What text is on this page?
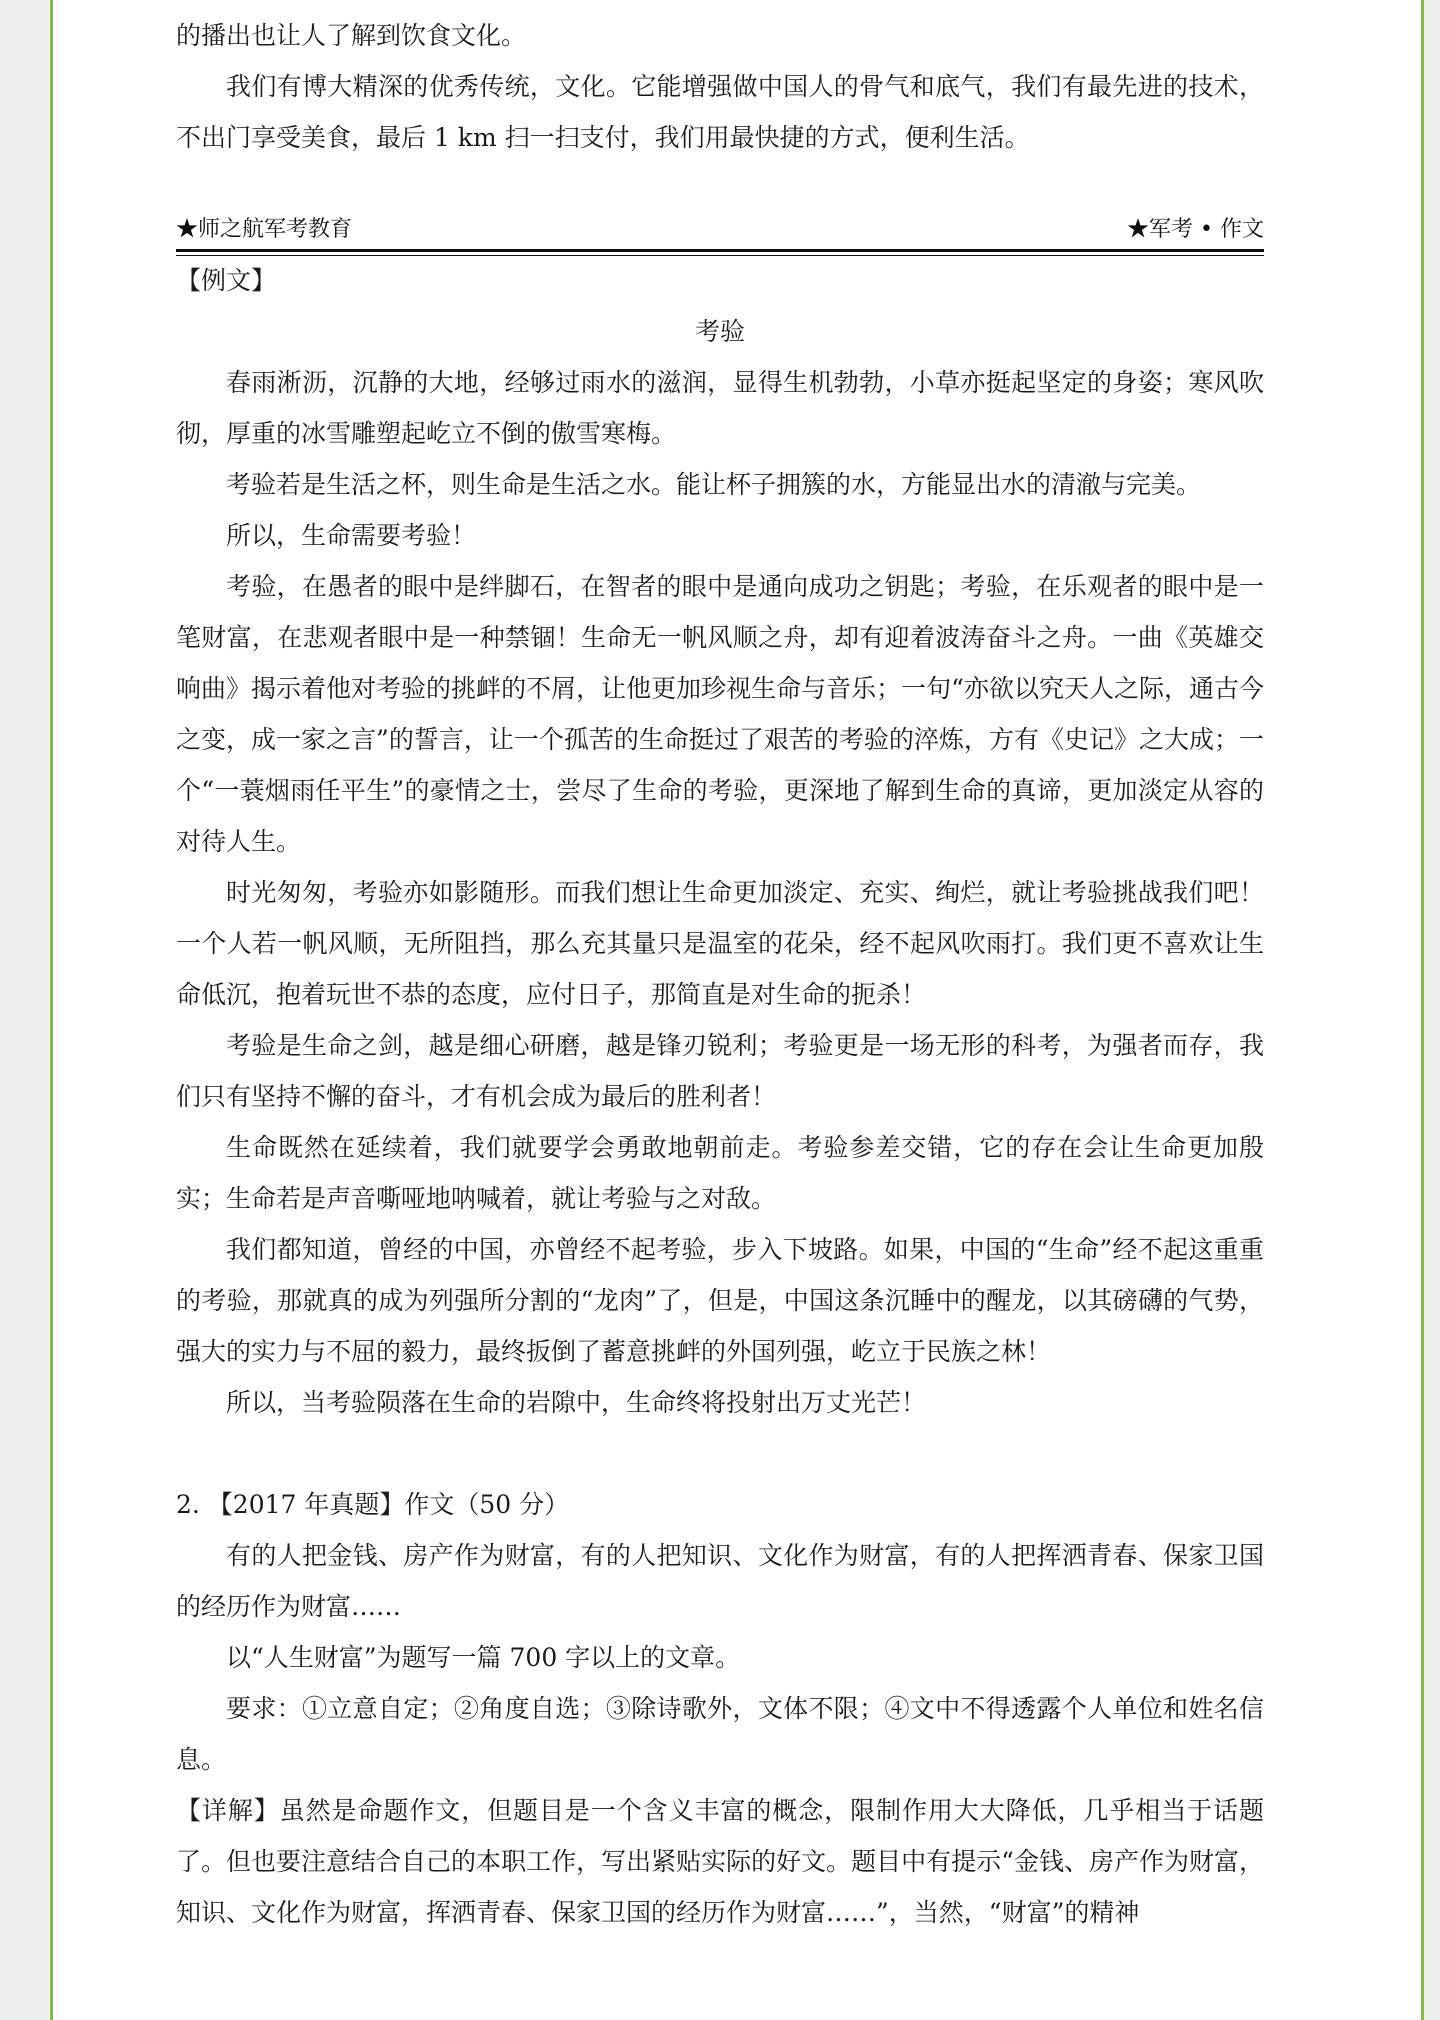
的播出也让人了解到饮食文化。

我们有博大精深的优秀传统，文化。它能增强做中国人的骨气和底气，我们有最先进的技术，不出门享受美食，最后 1 km 扫一扫支付，我们用最快捷的方式，便利生活。

★师之航军考教育	★军考 • 作文

【例文】

考验

春雨淅沥，沉静的大地，经够过雨水的滋润，显得生机勃勃，小草亦挺起坚定的身姿；寒风吹彻，厚重的冰雪雕塑起屹立不倒的傲雪寒梅。

考验若是生活之杯，则生命是生活之水。能让杯子拥簇的水，方能显出水的清澈与完美。

所以，生命需要考验！

考验，在愚者的眼中是绊脚石，在智者的眼中是通向成功之钥匙；考验，在乐观者的眼中是一笔财富，在悲观者眼中是一种禁锢！生命无一帆风顺之舟，却有迎着波涛奋斗之舟。一曲《英雄交响曲》揭示着他对考验的挑衅的不屑，让他更加珍视生命与音乐；一句“亦欲以究天人之际，通古今之变，成一家之言”的誓言，让一个孤苦的生命挺过了艰苦的考验的淬炼，方有《史记》之大成；一个“一蓑烟雨任平生”的豪情之士，尝尽了生命的考验，更深地了解到生命的真谛，更加淡定从容的对待人生。

时光匆匆，考验亦如影随形。而我们想让生命更加淡定、充实、绚烂，就让考验挑战我们吧！一个人若一帆风顺，无所阻挡，那么充其量只是温室的花朵，经不起风吹雨打。我们更不喜欢让生命低沉，抱着玩世不恭的态度，应付日子，那简直是对生命的扼杀！

考验是生命之剑，越是细心研磨，越是锋刃锐利；考验更是一场无形的科考，为强者而存，我们只有坚持不懈的奋斗，才有机会成为最后的胜利者！

生命既然在延续着，我们就要学会勇敢地朝前走。考验参差交错，它的存在会让生命更加殷实；生命若是声音嘶哑地呐喊着，就让考验与之对敌。

我们都知道，曾经的中国，亦曾经不起考验，步入下坡路。如果，中国的“生命”经不起这重重的考验，那就真的成为列强所分割的“龙肉”了，但是，中国这条沉睡中的醒龙，以其磅礴的气势，强大的实力与不屈的毅力，最终扳倒了蓄意挑衅的外国列强，屹立于民族之林！

所以，当考验陨落在生命的岩隙中，生命终将投射出万丈光芒！

2. 【2017 年真题】作文（50 分）

有的人把金钱、房产作为财富，有的人把知识、文化作为财富，有的人把挥洒青春、保家卫国的经历作为财富……

以“人生财富”为题写一篇 700 字以上的文章。

要求：①立意自定；②角度自选；③除诗歌外，文体不限；④文中不得透露个人单位和姓名信息。

【详解】虽然是命题作文，但题目是一个含义丰富的概念，限制作用大大降低，几乎相当于话题了。但也要注意结合自己的本职工作，写出紧贴实际的好文。题目中有提示“金钱、房产作为财富，知识、文化作为财富，挥洒青春、保家卫国的经历作为财富……”，当然，“财富”的精神
